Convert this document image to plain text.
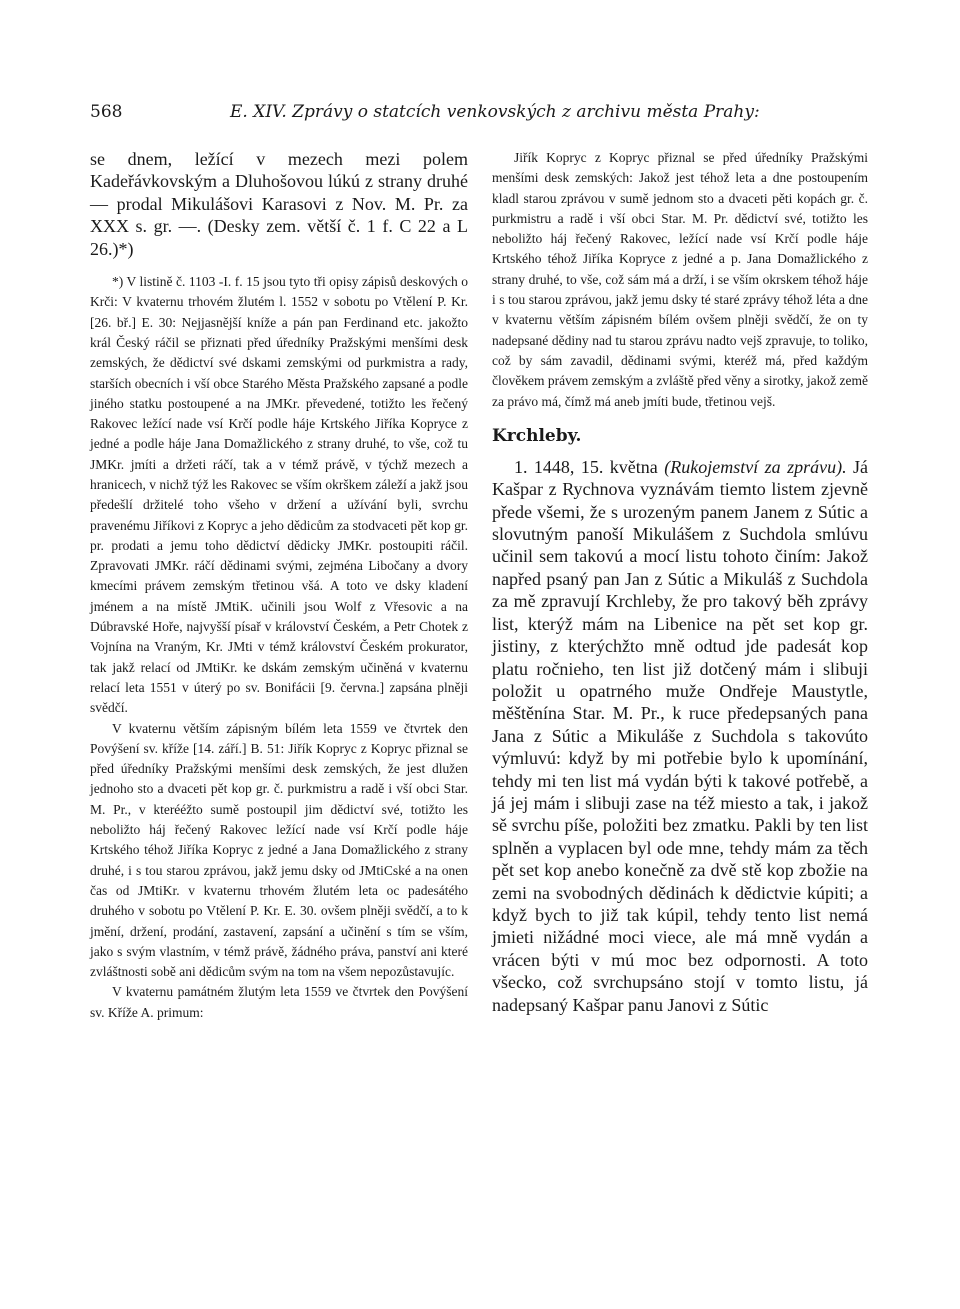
568	E. XIV. Zprávy o statcích venkovských z archivu města Prahy:

se dnem, ležící v mezech mezi polem Kadeřávkovským a Dluhošovou lúkú z strany druhé — prodal Mikulášovi Karasovi z Nov. M. Pr. za XXX s. gr. —. (Desky zem. větší č. 1 f. C 22 a L 26.)*)

*) V listině č. 1103 -I. f. 15 jsou tyto tři opisy zápisů deskových o Krči: V kvaternu trhovém žlutém l. 1552 v sobotu po Vtělení P. Kr. [26. bř.] E. 30: Nejjasnější kníže a pán pan Ferdinand etc. jakožto král Český ráčil se přiznati před úředníky Pražskými menšími desk zemských, že dědictví své dskami zemskými od purkmistra a rady, starších obecních i vší obce Starého Města Pražského zapsané a podle jiného statku postoupené a na JMKr. převedené, totižto les řečený Rakovec ležící nade vsí Krčí podle háje Krtského Jiříka Kopryce z jedné a podle háje Jana Domažlického z strany druhé, to vše, což tu JMKr. jmíti a držeti ráčí, tak a v témž právě, v týchž mezech a hranicech, v nichž týž les Rakovec se vším okrškem záleží a jakž jsou předešlí držitelé toho všeho v držení a užívání byli, svrchu pravenému Jiříkovi z Kopryc a jeho dědicům za stodvaceti pět kop gr. pr. prodati a jemu toho dědictví dědicky JMKr. postoupiti ráčil. Zpravovati JMKr. ráčí dědinami svými, zejména Libočany a dvory kmecími právem zemským třetinou všá. A toto ve dsky kladení jménem a na místě JMtiK. učinili jsou Wolf z Vřesovic a na Dúbravské Hoře, najvyšší písař v království Českém, a Petr Chotek z Vojnína na Vraným, Kr. JMti v témž království Českém prokurator, tak jakž relací od JMtiKr. ke dskám zemským učiněná v kvaternu relací leta 1551 v úterý po sv. Bonifácii [9. června.] zapsána plněji svědčí.

V kvaternu větším zápisným bílém leta 1559 ve čtvrtek den Povýšení sv. kříže [14. září.] B. 51: Jiřík Kopryc z Kopryc přiznal se před úředníky Pražskými menšími desk zemských, že jest dlužen jednoho sto a dvaceti pět kop gr. č. purkmistru a radě i vší obci Star. M. Pr., v kterééžto sumě postoupil jim dědictví své, totižto les neboližto háj řečený Rakovec ležící nade vsí Krčí podle háje Krtského téhož Jiříka Kopryc z jedné a Jana Domažlického z strany druhé, i s tou starou zprávou, jakž jemu dsky od JMtiCské a na onen čas od JMtiKr. v kvaternu trhovém žlutém leta oc padesátého druhého v sobotu po Vtělení P. Kr. E. 30. ovšem plněji svědčí, a to k jmění, držení, prodání, zastavení, zapsání a učinění s tím se vším, jako s svým vlastním, v témž právě, žádného práva, panství ani které zvláštnosti sobě ani dědicům svým na tom na všem nepozůstavujíc.

V kvaternu památném žlutým leta 1559 ve čtvrtek den Povýšení sv. Kříže A. primum:

Jiřík Kopryc z Kopryc přiznal se před úředníky Pražskými menšími desk zemských: Jakož jest téhož leta a dne postoupením kladl starou zprávou v sumě jednom sto a dvaceti pěti kopách gr. č. purkmistru a radě i vší obci Star. M. Pr. dědictví své, totižto les neboližto háj řečený Rakovec, ležící nade vsí Krčí podle háje Krtského téhož Jiříka Kopryce z jedné a p. Jana Domažlického z strany druhé, to vše, což sám má a drží, i se vším okrskem téhož háje i s tou starou zprávou, jakž jemu dsky té staré zprávy téhož léta a dne v kvaternu větším zápisném bílém ovšem plněji svědčí, že on ty nadepsané dědiny nad tu starou zprávu nadto vejš zpravuje, to toliko, což by sám zavadil, dědinami svými, kteréž má, před každým člověkem právem zemským a zvláště před věny a sirotky, jakož země za právo má, čímž má aneb jmíti bude, třetinou vejš.

Krchleby.

1. 1448, 15. května (Rukojemství za zprávu). Já Kašpar z Rychnova vyznávám tiemto listem zjevně přede všemi, že s urozeným panem Janem z Sútic a slovutným panoší Mikulášem z Suchdola smlúvu učinil sem takovú a mocí listu tohoto činím: Jakož napřed psaný pan Jan z Sútic a Mikuláš z Suchdola za mě zpravují Krchleby, že pro takový běh zprávy list, kterýž mám na Libenice na pět set kop gr. jistiny, z kterýchžto mně odtud jde padesát kop platu ročnieho, ten list již dotčený mám i slibuji položit u opatrného muže Ondřeje Maustytle, měštěnína Star. M. Pr., k ruce předepsaných pana Jana z Sútic a Mikuláše z Suchdola s takovúto výmluvú: když by mi potřebie bylo k upomínání, tehdy mi ten list má vydán býti k takové potřebě, a já jej mám i slibuji zase na též miesto a tak, i jakož sě svrchu píše, položiti bez zmatku. Pakli by ten list splněn a vyplacen byl ode mne, tehdy mám za těch pět set kop anebo konečně za dvě stě kop zbožie na zemi na svobodných dědinách k dědictvie kúpiti; a když bych to již tak kúpil, tehdy tento list nemá jmieti nižádné moci viece, ale má mně vydán a vrácen býti v mú moc bez odpornosti. A toto všecko, což svrchupsáno stojí v tomto listu, já nadepsaný Kašpar panu Janovi z Sútic
